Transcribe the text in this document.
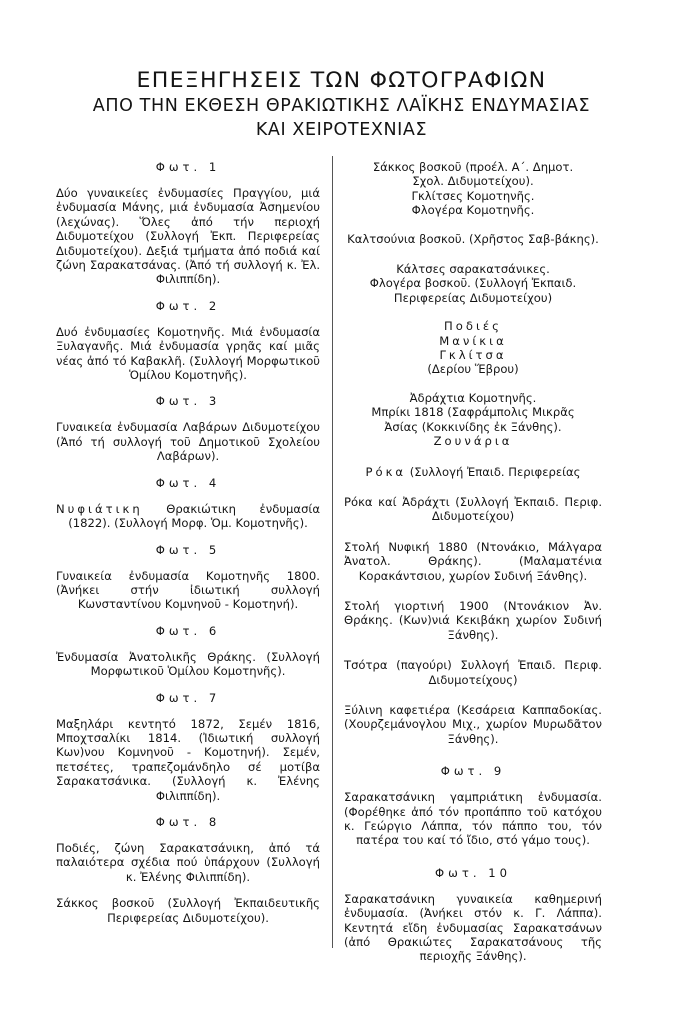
ΕΠΕΞΗΓΗΣΕΙΣ ΤΩΝ ΦΩΤΟΓΡΑΦΙΩΝ

ΑΠΟ ΤΗΝ ΕΚΘΕΣΗ ΘΡΑΚΙΩΤΙΚΗΣ ΛΑΪΚΗΣ ΕΝΔΥΜΑΣΙΑΣ

ΚΑΙ ΧΕΙΡΟΤΕΧΝΙΑΣ

Φωτ. 1

Δύο γυναικείες ἐνδυμασίες Πραγγίου, μιά ἐνδυμασία Μάνης, μιά ἐνδυμασία Ἀσημενίου (λεχώνας). Ὅλες ἀπό τήν περιοχή Διδυμοτείχου (Συλλογή Ἐκπ. Περιφερείας Διδυμοτείχου). Δεξιά τμήματα ἀπό ποδιά καί ζώνη Σαρακατσάνας. (Ἀπό τή συλλογή κ. Ἐλ. Φιλιππίδη).

Φωτ. 2

Δυό ἐνδυμασίες Κομοτηνῆς. Μιά ἐνδυμασία Ξυλαγανῆς. Μιά ἐνδυμασία γρηᾶς καί μιᾶς νέας ἀπό τό Καβακλῆ. (Συλλογή Μορφωτικοῦ Ὁμίλου Κομοτηνῆς).

Φωτ. 3

Γυναικεία ἐνδυμασία Λαβάρων Διδυμοτείχου (Ἀπό τή συλλογή τοῦ Δημοτικοῦ Σχολείου Λαβάρων).

Φωτ. 4

Νυφιάτικη Θρακιώτικη ἐνδυμασία (1822). (Συλλογή Μορφ. Ὁμ. Κομοτηνῆς).

Φωτ. 5

Γυναικεία ἐνδυμασία Κομοτηνῆς 1800. (Ἀνήκει στήν ἰδιωτική συλλογή Κωνσταντίνου Κομνηνοῦ - Κομοτηνή).

Φωτ. 6

Ἐνδυμασία Ἀνατολικῆς Θράκης. (Συλλογή Μορφωτικοῦ Ὁμίλου Κομοτηνῆς).

Φωτ. 7

Μαξηλάρι κεντητό 1872, Σεμέν 1816, Μποχτσαλίκι 1814. (Ἰδιωτική συλλογή Κων)νου Κομνηνοῦ - Κομοτηνή). Σεμέν, πετσέτες, τραπεζομάνδηλο σέ μοτίβα Σαρακατσάνικα. (Συλλογή κ. Ἐλένης Φιλιππίδη).

Φωτ. 8

Ποδιές, ζώνη Σαρακατσάνικη, ἀπό τά παλαιότερα σχέδια πού ὑπάρχουν (Συλλογή κ. Ἐλένης Φιλιππίδη).

Σάκκος βοσκοῦ (Συλλογή Ἐκπαιδευτικῆς Περιφερείας Διδυμοτείχου).

Σάκκος βοσκοῦ (προέλ. Α΄. Δημοτ.

Σχολ. Διδυμοτείχου).

Γκλίτσες Κομοτηνῆς.

Φλογέρα Κομοτηνῆς.

Καλτσούνια βοσκοῦ. (Χρῆστος Σαβ-βάκης).

Κάλτσες σαρακατσάνικες.

Φλογέρα βοσκοῦ. (Συλλογή Ἐκπαιδ.

Περιφερείας Διδυμοτείχου)

Ποδιές

Μανίκια

Γκλίτσα

(Δερίου Ἕβρου)

Ἀδράχτια Κομοτηνῆς.

Μπρίκι 1818 (Σαφράμπολις Μικρᾶς

Ἀσίας (Κοκκινίδης ἐκ Ξάνθης).

Ζουνάρια

Ρόκα (Συλλογή Ἐπαιδ. Περιφερείας

Ρόκα καί Ἀδράχτι (Συλλογή Ἐκπαιδ. Περιφ. Διδυμοτείχου)

Στολή Νυφική 1880 (Ντονάκιο, Μάλγαρα Ἀνατολ. Θράκης). (Μαλαματένια Κορακάντσιου, χωρίον Συδινή Ξάνθης).

Στολή γιορτινή 1900 (Ντονάκιον Ἀν. Θράκης. (Κων)νιά Κεκιβάκη χωρίον Συδινή Ξάνθης).

Τσότρα (παγούρι) Συλλογή Ἐπαιδ. Περιφ. Διδυμοτείχους)

Ξύλινη καφετιέρα (Κεσάρεια Καππαδοκίας. (Χουρζεμάνογλου Μιχ., χωρίον Μυρωδᾶτον Ξάνθης).

Φωτ. 9

Σαρακατσάνικη γαμπριάτικη ἐνδυμασία. (Φορέθηκε ἀπό τόν προπάππο τοῦ κατόχου κ. Γεώργιο Λάππα, τόν πάππο του, τόν πατέρα του καί τό ἴδιο, στό γάμο τους).

Φωτ. 10

Σαρακατσάνικη γυναικεία καθημερινή ἐνδυμασία. (Ἀνήκει στόν κ. Γ. Λάππα). Κεντητά εἴδη ἐνδυμασίας Σαρακατσάνων (ἀπό Θρακιώτες Σαρακατσάνους τῆς περιοχῆς Ξάνθης).
